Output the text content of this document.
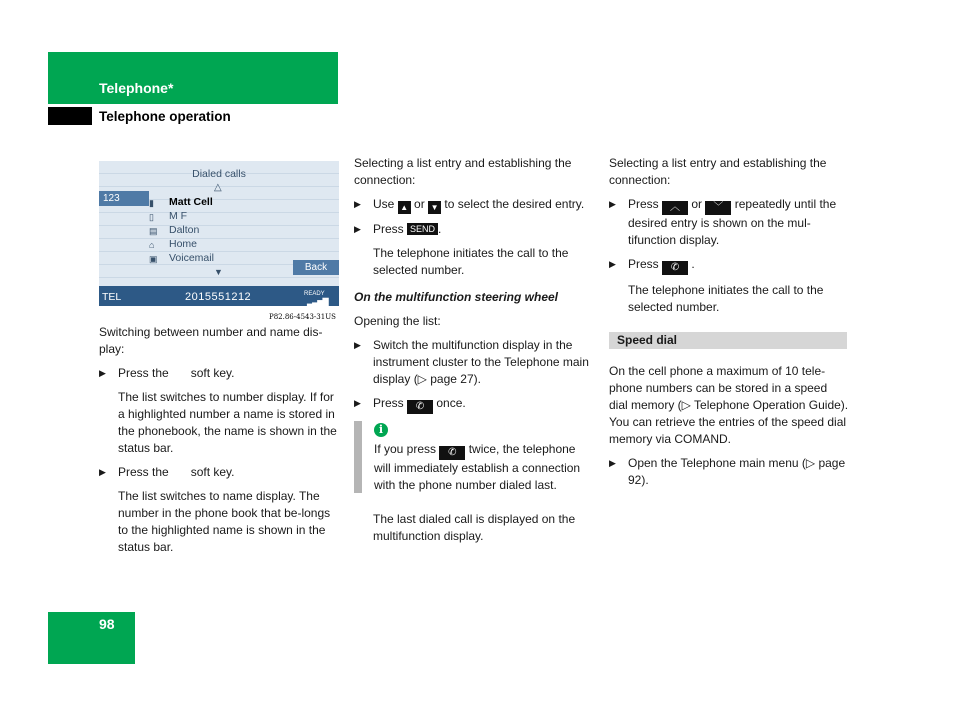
Telephone*
Telephone operation
Dialed calls
△
123	▮ Matt Cell
▯ M F
▤ Dalton
⌂ Home
▣ Voicemail
▼	Back
TEL	2015551212	READY
▂▃▅▇
P82.86-4543-31US

Switching between number and name dis-play:

▶ Press the soft key.
The list switches to number display. If for a highlighted number a name is stored in the phonebook, the name is shown in the status bar.
▶ Press the soft key.
The list switches to name display. The number in the phone book that be-longs to the highlighted name is shown in the status bar.

Selecting a list entry and establishing the connection:

▶ Use ▲ or ▼ to select the desired entry.
▶ Press SEND .
The telephone initiates the call to the selected number.
On the multifunction steering wheel

Opening the list:

▶ Switch the multifunction display in the instrument cluster to the Telephone main display (▷ page 27).
▶ Press ✆ once.
i
If you press ✆ twice, the telephone will immediately establish a connection with the phone number dialed last.
The last dialed call is displayed on the multifunction display.

Selecting a list entry and establishing the connection:

▶ Press ︿ or ﹀ repeatedly until the desired entry is shown on the mul-tifunction display.
▶ Press ✆ .
The telephone initiates the call to the selected number.
Speed dial

On the cell phone a maximum of 10 tele-phone numbers can be stored in a speed dial memory (▷ Telephone Operation Guide).

You can retrieve the entries of the speed dial memory via COMAND.

▶ Open the Telephone main menu (▷ page 92).
98
